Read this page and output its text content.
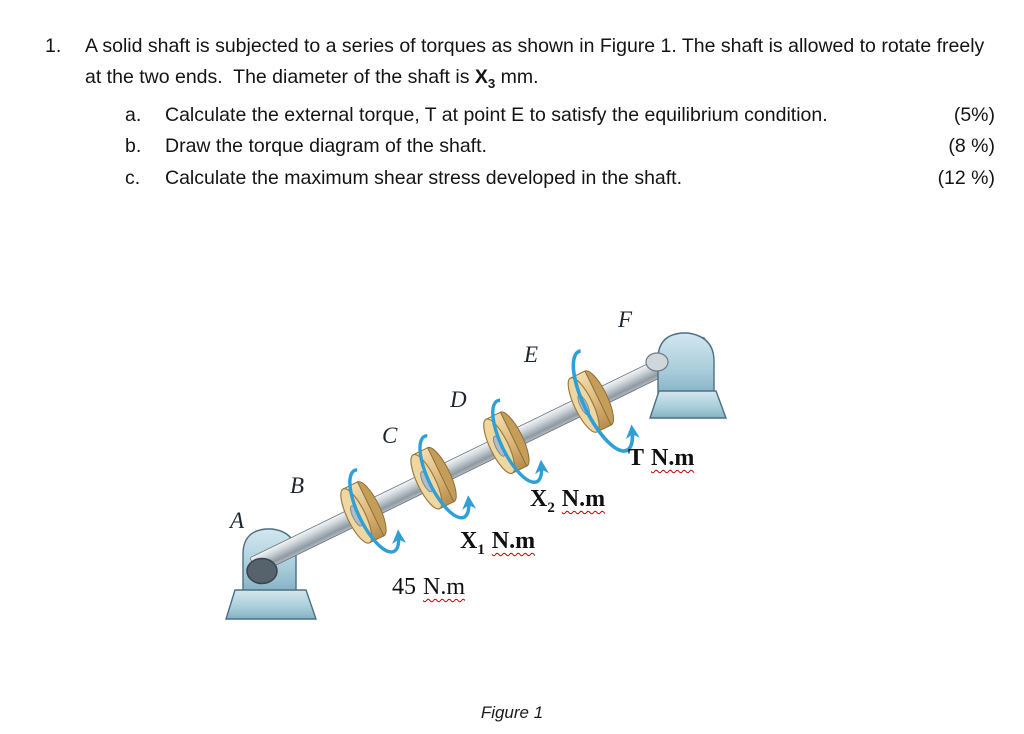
1.	A solid shaft is subjected to a series of torques as shown in Figure 1. The shaft is allowed to rotate freely at the two ends.  The diameter of the shaft is $X_3$ mm.
a.	Calculate the external torque, T at point E to satisfy the equilibrium condition.	(5%)
b.	Draw the torque diagram of the shaft.	(8 %)
c.	Calculate the maximum shear stress developed in the shaft.	(12 %)
A
B
C
D
E
F
45 N.m
$X_1$ N.m
$X_2$ N.m
T N.m
Figure 1
